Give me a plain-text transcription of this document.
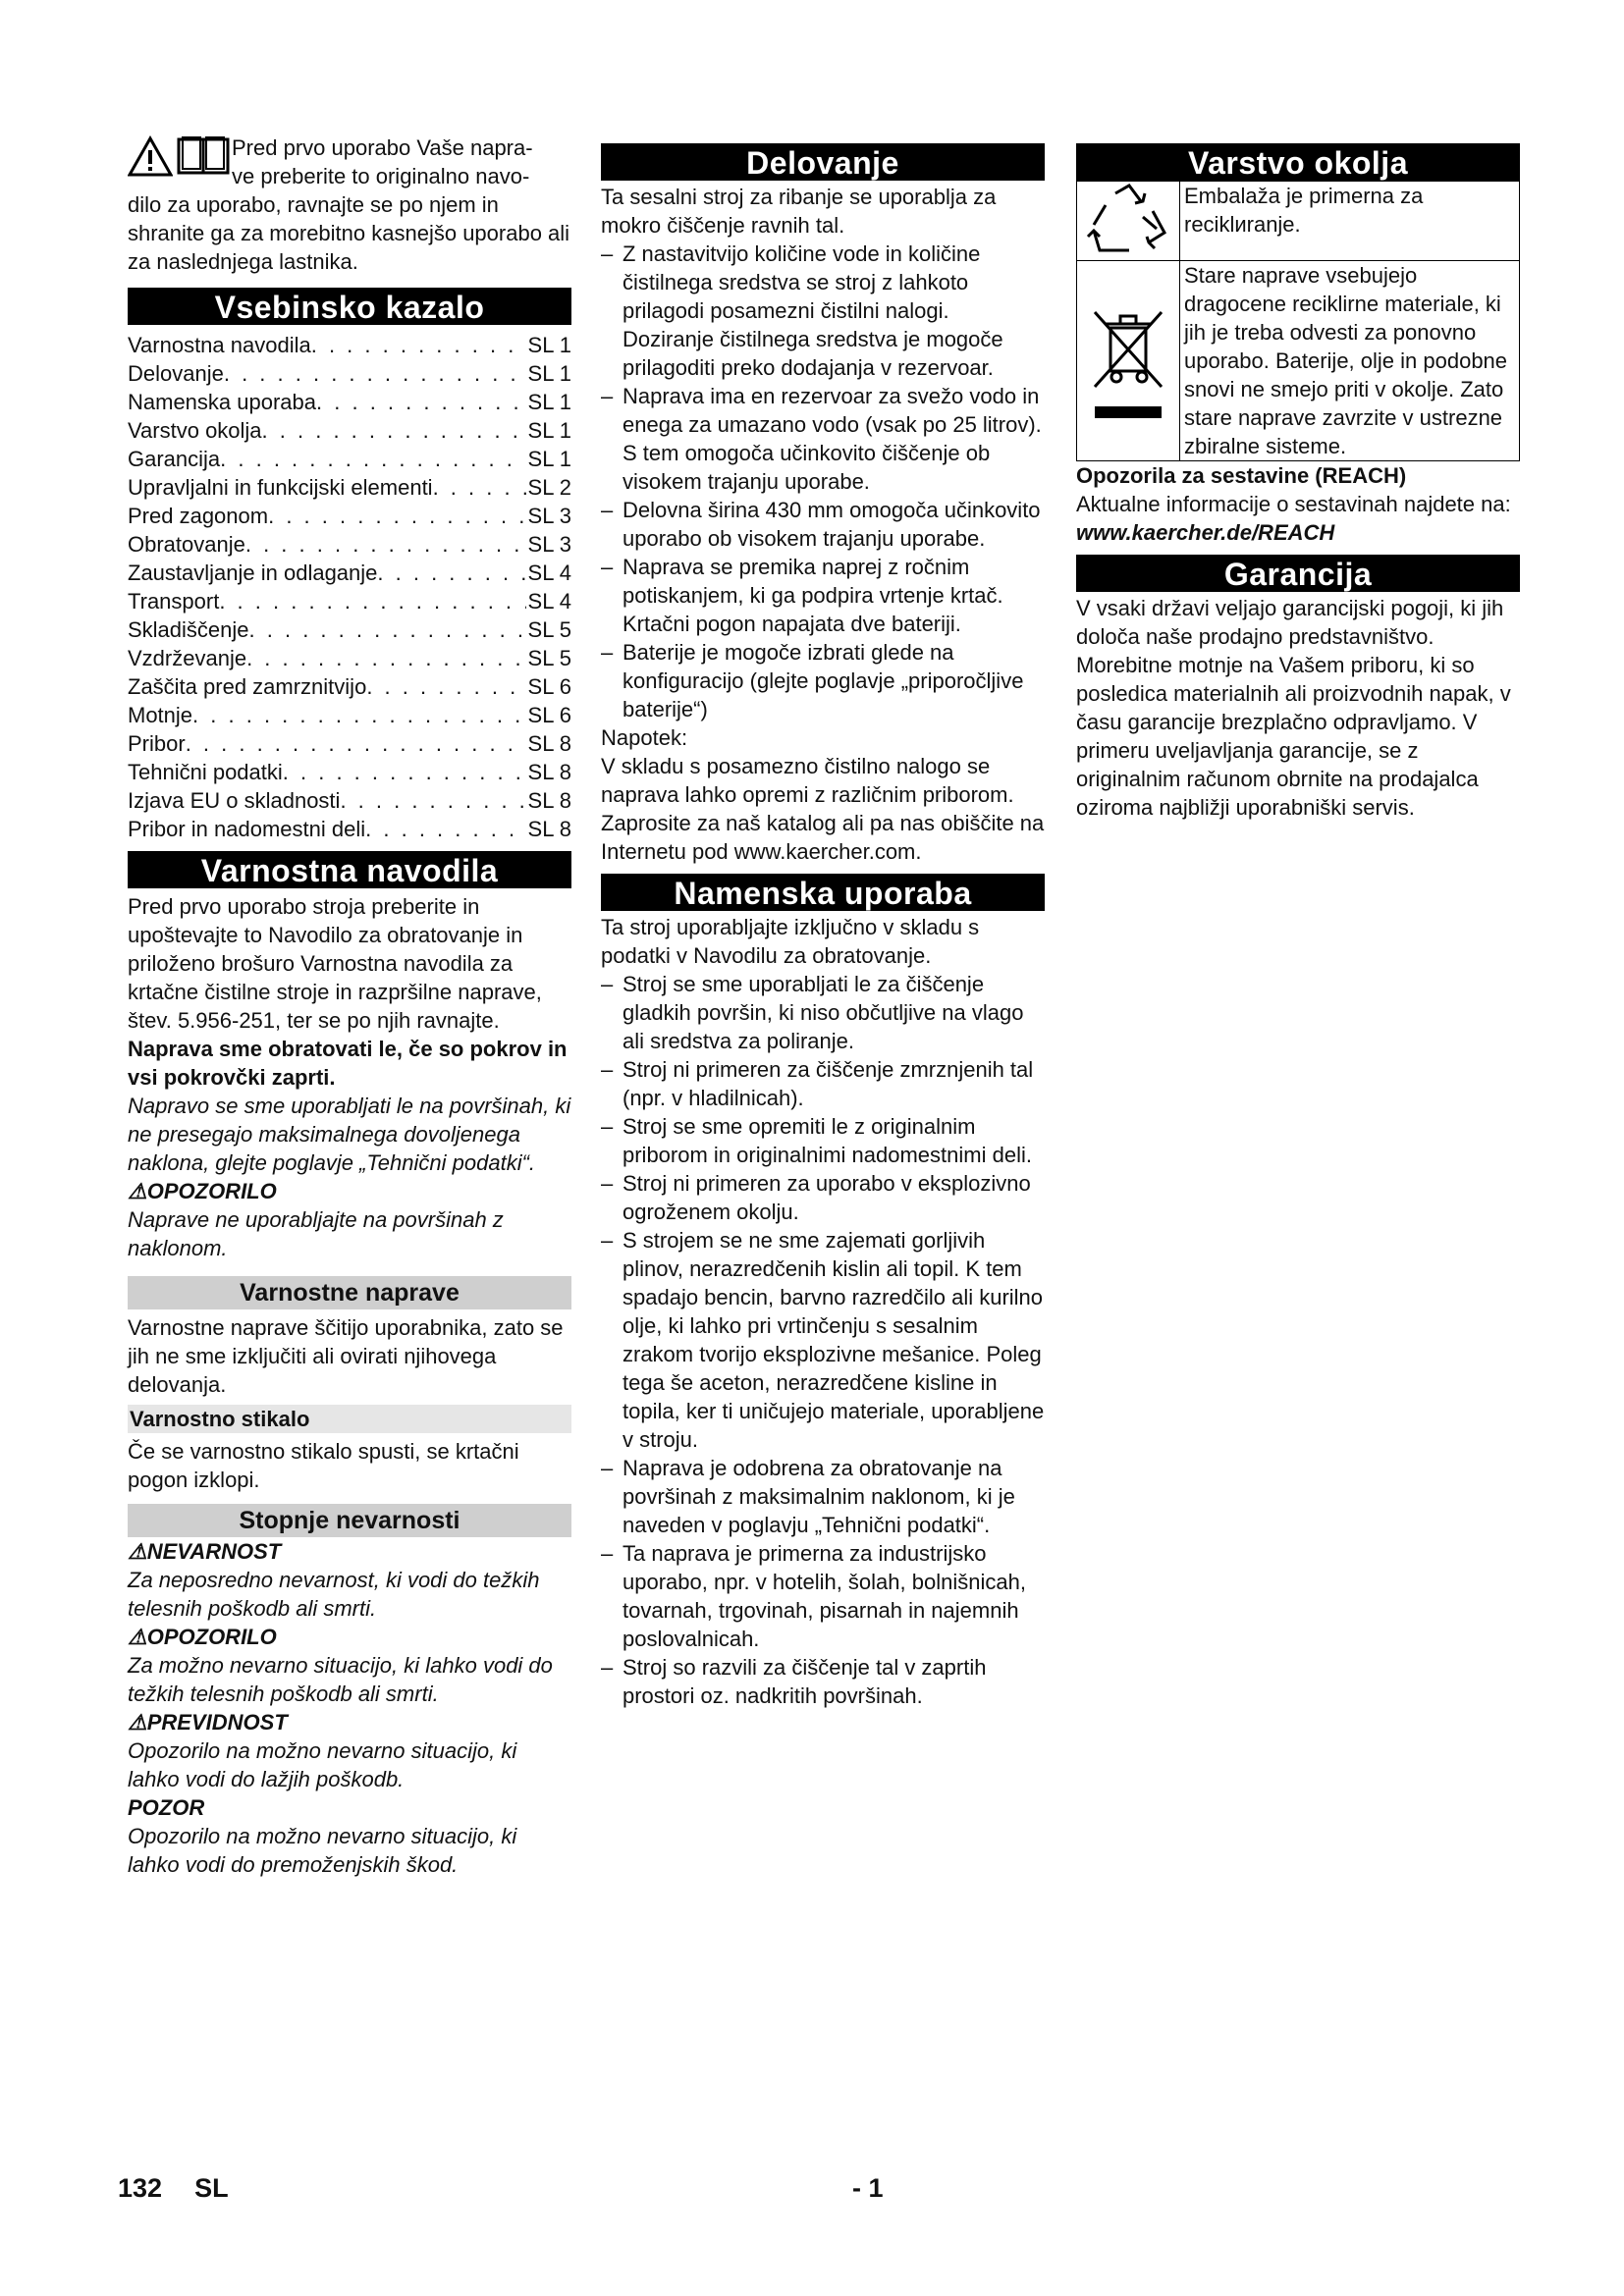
Pred prvo uporabo Vaše napra-

ve preberite to originalno navo-

dilo za uporabo, ravnajte se po njem in shranite ga za morebitno kasnejšo uporabo ali za naslednjega lastnika.

Vsebinsko kazalo
Varnostna navodila . . .	SL 1
Delovanje . . .	SL 1
Namenska uporaba . . .	SL 1
Varstvo okolja . . .	SL 1
Garancija . . .	SL 1
Upravljalni in funkcijski elementi . . .	SL 2
Pred zagonom . . .	SL 3
Obratovanje . . .	SL 3
Zaustavljanje in odlaganje . . .	SL 4
Transport . . .	SL 4
Skladiščenje . . .	SL 5
Vzdrževanje . . .	SL 5
Zaščita pred zamrznitvijo . . .	SL 6
Motnje . . .	SL 6
Pribor . . .	SL 8
Tehnični podatki . . .	SL 8
Izjava EU o skladnosti . . .	SL 8
Pribor in nadomestni deli . . .	SL 8
Varnostna navodila

Pred prvo uporabo stroja preberite in upoštevajte to Navodilo za obratovanje in priloženo brošuro Varnostna navodila za krtačne čistilne stroje in razpršilne naprave, štev. 5.956-251, ter se po njih ravnajte.

Naprava sme obratovati le, če so pokrov in vsi pokrovčki zaprti.

Napravo se sme uporabljati le na površinah, ki ne presegajo maksimalnega dovoljenega naklona, glejte poglavje „Tehnični podatki“.

⚠OPOZORILO

Naprave ne uporabljajte na površinah z naklonom.

Varnostne naprave

Varnostne naprave ščitijo uporabnika, zato se jih ne sme izključiti ali ovirati njihovega delovanja.

Varnostno stikalo

Če se varnostno stikalo spusti, se krtačni pogon izklopi.

Stopnje nevarnosti

⚠NEVARNOST

Za neposredno nevarnost, ki vodi do težkih telesnih poškodb ali smrti.

⚠OPOZORILO

Za možno nevarno situacijo, ki lahko vodi do težkih telesnih poškodb ali smrti.

⚠PREVIDNOST

Opozorilo na možno nevarno situacijo, ki lahko vodi do lažjih poškodb.

POZOR

Opozorilo na možno nevarno situacijo, ki lahko vodi do premoženjskih škod.

Delovanje

Ta sesalni stroj za ribanje se uporablja za mokro čiščenje ravnih tal.

– Z nastavitvijo količine vode in količine čistilnega sredstva se stroj z lahkoto prilagodi posamezni čistilni nalogi. Doziranje čistilnega sredstva je mogoče prilagoditi preko dodajanja v rezervoar.
– Naprava ima en rezervoar za svežo vodo in enega za umazano vodo (vsak po 25 litrov). S tem omogoča učinkovito čiščenje ob visokem trajanju uporabe.
– Delovna širina 430 mm omogoča učinkovito uporabo ob visokem trajanju uporabe.
– Naprava se premika naprej z ročnim potiskanjem, ki ga podpira vrtenje krtač. Krtačni pogon napajata dve bateriji.
– Baterije je mogoče izbrati glede na konfiguracijo (glejte poglavje „priporočljive baterije“)

Napotek:

V skladu s posamezno čistilno nalogo se naprava lahko opremi z različnim priborom. Zaprosite za naš katalog ali pa nas obiščite na Internetu pod www.kaercher.com.

Namenska uporaba

Ta stroj uporabljajte izključno v skladu s podatki v Navodilu za obratovanje.

– Stroj se sme uporabljati le za čiščenje gladkih površin, ki niso občutljive na vlago ali sredstva za poliranje.
– Stroj ni primeren za čiščenje zmrznjenih tal (npr. v hladilnicah).
– Stroj se sme opremiti le z originalnim priborom in originalnimi nadomestnimi deli.
– Stroj ni primeren za uporabo v eksplozivno ogroženem okolju.
– S strojem se ne sme zajemati gorljivih plinov, nerazredčenih kislin ali topil. K tem spadajo bencin, barvno razredčilo ali kurilno olje, ki lahko pri vrtinčenju s sesalnim zrakom tvorijo eksplozivne mešanice. Poleg tega še aceton, nerazredčene kisline in topila, ker ti uničujejo materiale, uporabljene v stroju.
– Naprava je odobrena za obratovanje na površinah z maksimalnim naklonom, ki je naveden v poglavju „Tehnični podatki“.
– Ta naprava je primerna za industrijsko uporabo, npr. v hotelih, šolah, bolnišnicah, tovarnah, trgovinah, pisarnah in najemnih poslovalnicah.
– Stroj so razvili za čiščenje tal v zaprtih prostori oz. nadkritih površinah.
Varstvo okolja

Embalaža je primerna za reciklиranje.

Stare naprave vsebujejo dragocene reciklirne materiale, ki jih je treba odvesti za ponovno uporabo. Baterije, olje in podobne snovi ne smejo priti v okolje. Zato stare naprave zavrzite v ustrezne zbiralne sisteme.

Opozorila za sestavine (REACH)

Aktualne informacije o sestavinah najdete na:

www.kaercher.de/REACH

Garancija

V vsaki državi veljajo garancijski pogoji, ki jih določa naše prodajno predstavništvo. Morebitne motnje na Vašem priboru, ki so posledica materialnih ali proizvodnih napak, v času garancije brezplačno odpravljamo. V primeru uveljavljanja garancije, se z originalnim računom obrnite na prodajalca oziroma najbližji uporabniški servis.

132 SL	- 1
